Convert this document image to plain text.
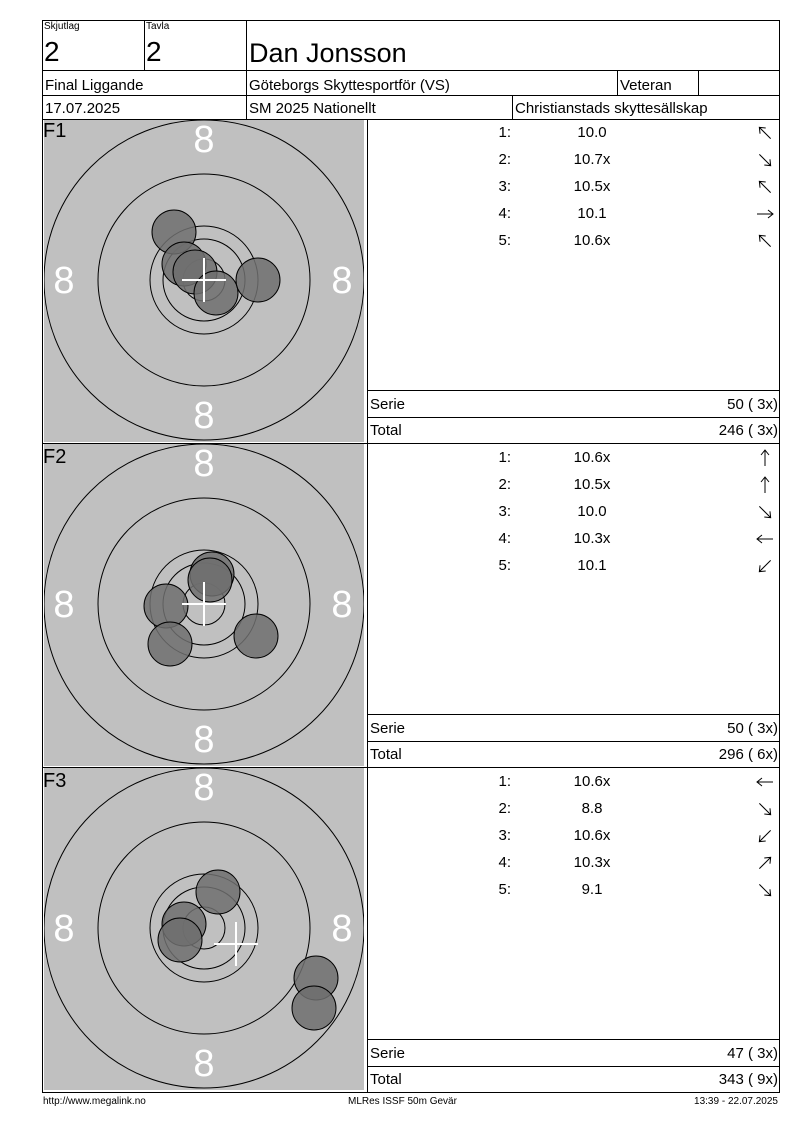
Skjutlag
2
Tavla
2	Dan Jonsson
Final Liggande	Göteborgs Skyttesportför (VS)	Veteran
17.07.2025	SM 2025 Nationellt	Christianstads skyttesällskap
8
8
8	8
F1	1:	10.0
2:	10.7x
3:	10.5x
4:	10.1
5:	10.6x
Serie	50 ( 3x)
Total	246 ( 3x)
8
8
8	8
F2	1:	10.6x
2:	10.5x
3:	10.0
4:	10.3x
5:	10.1
Serie	50 ( 3x)
Total	296 ( 6x)
8
8
8	8
F3	1:	10.6x
2:	8.8
3:	10.6x
4:	10.3x
5:	9.1
Serie	47 ( 3x)
Total	343 ( 9x)
http://www.megalink.no	MLRes ISSF 50m Gevär	13:39 - 22.07.2025
